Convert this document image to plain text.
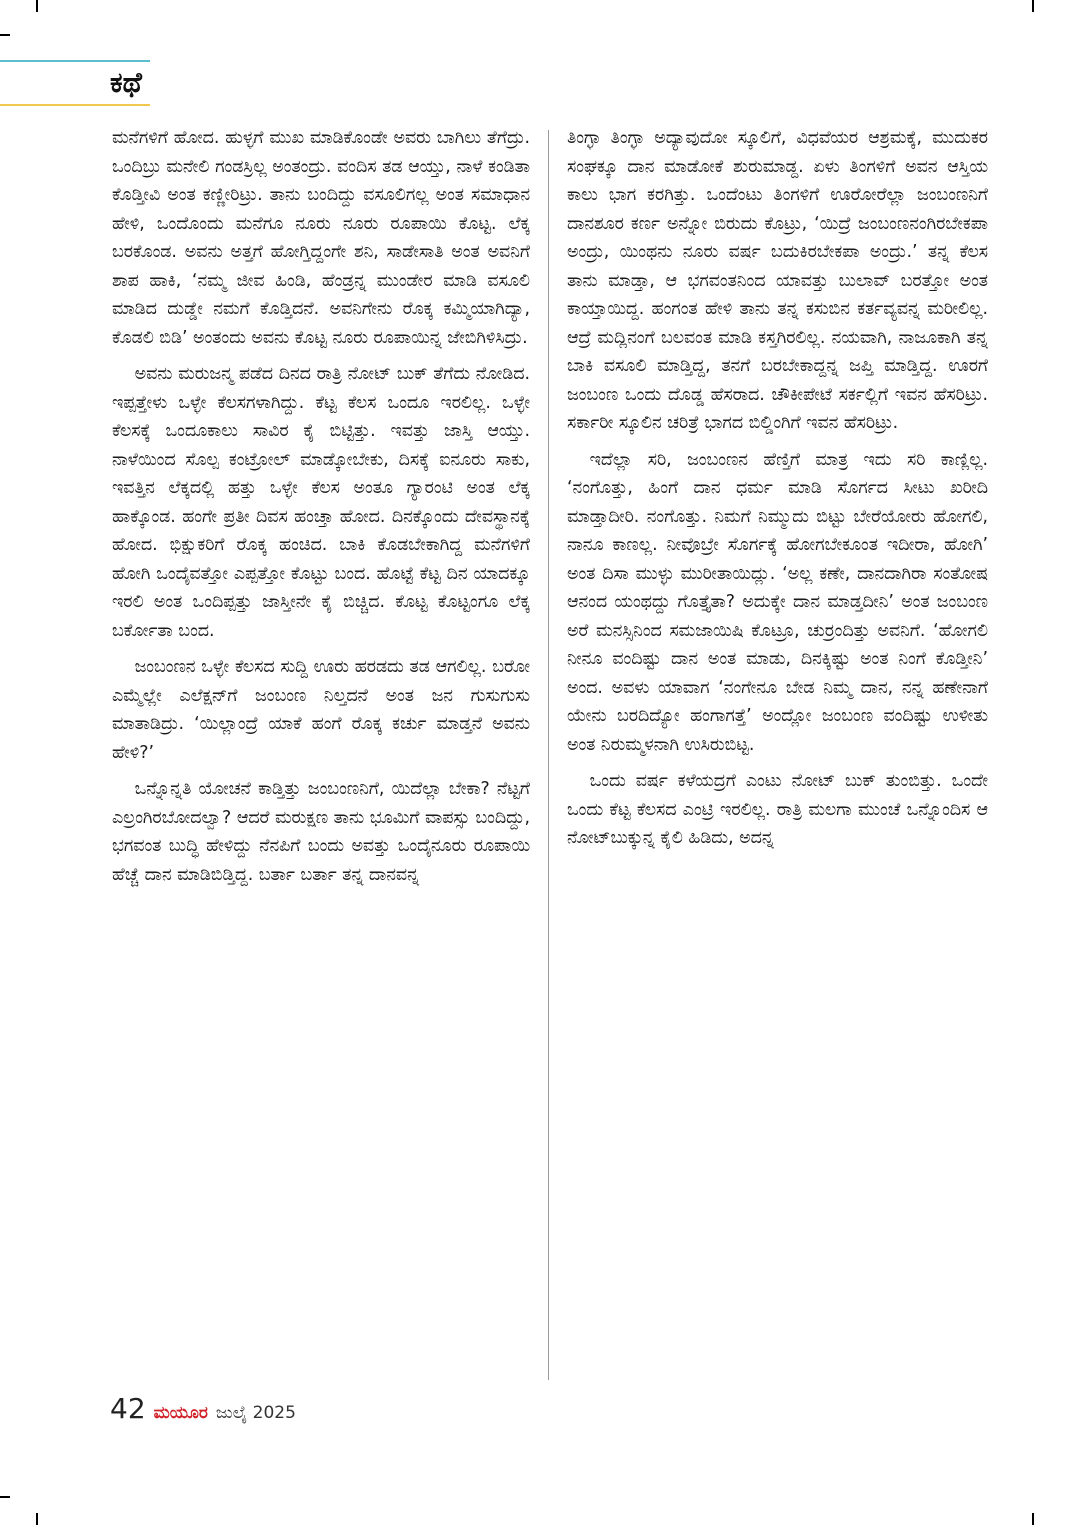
ಕಥೆ

ಮನೆಗಳಿಗೆ ಹೋದ. ಹುಳ್ಳಗೆ ಮುಖ ಮಾಡಿಕೊಂಡೇ ಅವರು ಬಾಗಿಲು ತೆಗೆದ್ರು. ಒಂದಿಬ್ರು ಮನೇಲಿ ಗಂಡಸ್ರಿಲ್ಲ ಅಂತಂದ್ರು. ವಂದಿಸ ತಡ ಆಯ್ತು, ನಾಳೆ ಕಂಡಿತಾ ಕೊಡ್ತೀವಿ ಅಂತ ಕಣ್ಣೀರಿಟ್ರು. ತಾನು ಬಂದಿದ್ದು ವಸೂಲಿಗಲ್ಲ ಅಂತ ಸಮಾಧಾನ ಹೇಳಿ, ಒಂದೊಂದು ಮನೆಗೂ ನೂರು ನೂರು ರೂಪಾಯಿ ಕೊಟ್ಟ. ಲೆಕ್ಕ ಬರಕೊಂಡ. ಅವನು ಅತ್ತಗೆ ಹೋಗ್ತಿದ್ದಂಗೇ ಶನಿ, ಸಾಡೇಸಾತಿ ಅಂತ ಅವನಿಗೆ ಶಾಪ ಹಾಕಿ, ‘ನಮ್ಮ ಜೀವ ಹಿಂಡಿ, ಹೆಂಡ್ರನ್ನ ಮುಂಡೇರ ಮಾಡಿ ವಸೂಲಿ ಮಾಡಿದ ದುಡ್ಡೇ ನಮಗೆ ಕೊಡ್ತಿದನೆ. ಅವನಿಗೇನು ರೊಕ್ಕ ಕಮ್ಮಿಯಾಗಿದ್ಯಾ, ಕೊಡಲಿ ಬಿಡಿ’ ಅಂತಂದು ಅವನು ಕೊಟ್ಟ ನೂರು ರೂಪಾಯಿನ್ನ ಜೇಬಿಗಿಳಿಸಿದ್ರು.

ಅವನು ಮರುಜನ್ಮ ಪಡೆದ ದಿನದ ರಾತ್ರಿ ನೋಟ್ ಬುಕ್ ತೆಗೆದು ನೋಡಿದ. ಇಪ್ಪತ್ತೇಳು ಒಳ್ಳೇ ಕೆಲಸಗಳಾಗಿದ್ದು. ಕೆಟ್ಟ ಕೆಲಸ ಒಂದೂ ಇರಲಿಲ್ಲ. ಒಳ್ಳೇ ಕೆಲಸಕ್ಕೆ ಒಂದೂಕಾಲು ಸಾವಿರ ಕೈ ಬಿಟ್ಟಿತ್ತು. ಇವತ್ತು ಜಾಸ್ತಿ ಆಯ್ತು. ನಾಳೆಯಿಂದ ಸೊಲ್ಪ ಕಂಟ್ರೋಲ್ ಮಾಡ್ಕೋಬೇಕು, ದಿಸಕ್ಕೆ ಐನೂರು ಸಾಕು, ಇವತ್ತಿನ ಲೆಕ್ಕದಲ್ಲಿ ಹತ್ತು ಒಳ್ಳೇ ಕೆಲಸ ಅಂತೂ ಗ್ಯಾರಂಟಿ ಅಂತ ಲೆಕ್ಕ ಹಾಕ್ಕೊಂಡ. ಹಂಗೇ ಪ್ರತೀ ದಿವಸ ಹಂಚ್ತಾ ಹೋದ. ದಿನಕ್ಕೊಂದು ದೇವಸ್ಥಾನಕ್ಕೆ ಹೋದ. ಭಿಕ್ಷುಕರಿಗೆ ರೊಕ್ಕ ಹಂಚಿದ. ಬಾಕಿ ಕೊಡಬೇಕಾಗಿದ್ದ ಮನೆಗಳಿಗೆ ಹೋಗಿ ಒಂದೈವತ್ತೋ ಎಪ್ಪತ್ತೋ ಕೊಟ್ಟು ಬಂದ. ಹೊಟ್ಟೆ ಕೆಟ್ಟ ದಿನ ಯಾದಕ್ಕೂ ಇರಲಿ ಅಂತ ಒಂದಿಪ್ಪತ್ತು ಜಾಸ್ತೀನೇ ಕೈ ಬಿಚ್ಚಿದ. ಕೊಟ್ಟ ಕೊಟ್ಟಂಗೂ ಲೆಕ್ಕ ಬರ್ಕೋತಾ ಬಂದ.

ಜಂಬಂಣನ ಒಳ್ಳೇ ಕೆಲಸದ ಸುದ್ದಿ ಊರು ಹರಡದು ತಡ ಆಗಲಿಲ್ಲ. ಬರೋ ಎಮ್ಮೆಲ್ಲೇ ಎಲೆಕ್ಷನ್‌ಗೆ ಜಂಬಂಣ ನಿಲ್ತದನೆ ಅಂತ ಜನ ಗುಸುಗುಸು ಮಾತಾಡಿದ್ರು. ‘ಯಿಲ್ಲಾಂದ್ರೆ ಯಾಕೆ ಹಂಗೆ ರೊಕ್ಕ ಕರ್ಚು ಮಾಡ್ತನೆ ಅವನು ಹೇಳಿ?’

ಒನ್ನೊನ್ನತಿ ಯೋಚನೆ ಕಾಡ್ತಿತ್ತು ಜಂಬಂಣನಿಗೆ, ಯಿದೆಲ್ಲಾ ಬೇಕಾ? ನೆಟ್ಟಗೆ ಎಲ್ರಂಗಿರಬೋದಲ್ವಾ? ಆದರೆ ಮರುಕ್ಷಣ ತಾನು ಭೂಮಿಗೆ ವಾಪಸ್ಸು ಬಂದಿದ್ದು, ಭಗವಂತ ಬುದ್ಧಿ ಹೇಳಿದ್ದು ನೆನಪಿಗೆ ಬಂದು ಅವತ್ತು ಒಂದೈನೂರು ರೂಪಾಯಿ ಹೆಚ್ಚೆ ದಾನ ಮಾಡಿಬಿಡ್ತಿದ್ದ. ಬರ್ತಾ ಬರ್ತಾ ತನ್ನ ದಾನವನ್ನ

ತಿಂಗ್ಳಾ ತಿಂಗ್ಳಾ ಅದ್ಯಾವುದೋ ಸ್ಕೂಲಿಗೆ, ವಿಧವೆಯರ ಆಶ್ರಮಕ್ಕೆ, ಮುದುಕರ ಸಂಘಕ್ಕೂ ದಾನ ಮಾಡೋಕೆ ಶುರುಮಾಡ್ದ. ಏಳು ತಿಂಗಳಿಗೆ ಅವನ ಆಸ್ತಿಯ ಕಾಲು ಭಾಗ ಕರಗಿತ್ತು. ಒಂದೆಂಟು ತಿಂಗಳಿಗೆ ಊರೋರೆಲ್ಲಾ ಜಂಬಂಣನಿಗೆ ದಾನಶೂರ ಕರ್ಣ ಅನ್ನೋ ಬಿರುದು ಕೊಟ್ರು, ‘ಯಿದ್ರೆ ಜಂಬಂಣನಂಗಿರಬೇಕಪಾ ಅಂದ್ರು, ಯಿಂಥನು ನೂರು ವರ್ಷ ಬದುಕಿರಬೇಕಪಾ ಅಂದ್ರು.’ ತನ್ನ ಕೆಲಸ ತಾನು ಮಾಡ್ತಾ, ಆ ಭಗವಂತನಿಂದ ಯಾವತ್ತು ಬುಲಾವ್ ಬರತ್ತೋ ಅಂತ ಕಾಯ್ತಾಯಿದ್ದ. ಹಂಗಂತ ಹೇಳಿ ತಾನು ತನ್ನ ಕಸುಬಿನ ಕರ್ತವ್ಯವನ್ನ ಮರೀಲಿಲ್ಲ. ಆದ್ರೆ ಮದ್ಲಿನಂಗೆ ಬಲವಂತ ಮಾಡಿ ಕಸ್ತಗಿರಲಿಲ್ಲ. ನಯವಾಗಿ, ನಾಜೂಕಾಗಿ ತನ್ನ ಬಾಕಿ ವಸೂಲಿ ಮಾಡ್ತಿದ್ದ, ತನಗೆ ಬರಬೇಕಾದ್ದನ್ನ ಜಪ್ತಿ ಮಾಡ್ತಿದ್ದ. ಊರಗೆ ಜಂಬಂಣ ಒಂದು ದೊಡ್ಡ ಹೆಸರಾದ. ಚೌಕೀಪೇಟೆ ಸರ್ಕಲ್ಲಿಗೆ ಇವನ ಹೆಸರಿಟ್ರು. ಸರ್ಕಾರೀ ಸ್ಕೂಲಿನ ಚರಿತ್ರೆ ಭಾಗದ ಬಿಲ್ಡಿಂಗಿಗೆ ಇವನ ಹೆಸರಿಟ್ರು.

ಇದೆಲ್ಲಾ ಸರಿ, ಜಂಬಂಣನ ಹೆಣ್ತಿಗೆ ಮಾತ್ರ ಇದು ಸರಿ ಕಾಣ್ಲಿಲ್ಲ. ‘ನಂಗೊತ್ತು, ಹಿಂಗೆ ದಾನ ಧರ್ಮ ಮಾಡಿ ಸೊರ್ಗದ ಸೀಟು ಖರೀದಿ ಮಾಡ್ತಾದೀರಿ. ನಂಗೊತ್ತು. ನಿಮಗೆ ನಿಮ್ಮುದು ಬಿಟ್ಟು ಬೇರೆಯೋರು ಹೋಗಲಿ, ನಾನೂ ಕಾಣಲ್ಲ. ನೀವೊಬ್ರೇ ಸೊರ್ಗಕ್ಕೆ ಹೋಗಬೇಕೂಂತ ಇದೀರಾ, ಹೋಗಿ’ ಅಂತ ದಿಸಾ ಮುಳ್ಳು ಮುರೀತಾಯಿದ್ಲು. ‘ಅಲ್ಲ ಕಣೇ, ದಾನದಾಗಿರಾ ಸಂತೋಷ ಆನಂದ ಯಂಥದ್ದು ಗೊತ್ತೈತಾ? ಅದುಕ್ಕೇ ದಾನ ಮಾಡ್ತದೀನಿ’ ಅಂತ ಜಂಬಂಣ ಅರೆ ಮನಸ್ಸಿನಿಂದ ಸಮಜಾಯಿಷಿ ಕೊಟ್ರೂ, ಚುರ್ರಂದಿತ್ತು ಅವನಿಗೆ. ‘ಹೋಗಲಿ ನೀನೂ ವಂದಿಷ್ಟು ದಾನ ಅಂತ ಮಾಡು, ದಿನಕ್ಕಿಷ್ಟು ಅಂತ ನಿಂಗೆ ಕೊಡ್ತೀನಿ’ ಅಂದ. ಅವಳು ಯಾವಾಗ ‘ನಂಗೇನೂ ಬೇಡ ನಿಮ್ಮ ದಾನ, ನನ್ನ ಹಣೇನಾಗೆ ಯೇನು ಬರದಿದ್ಯೋ ಹಂಗಾಗತ್ತೆ’ ಅಂದ್ಲೋ ಜಂಬಂಣ ವಂದಿಷ್ಟು ಉಳೀತು ಅಂತ ನಿರುಮ್ಮಳನಾಗಿ ಉಸಿರುಬಿಟ್ಟ.

ಒಂದು ವರ್ಷ ಕಳೆಯದ್ರಗೆ ಎಂಟು ನೋಟ್ ಬುಕ್ ತುಂಬಿತ್ತು. ಒಂದೇ ಒಂದು ಕೆಟ್ಟ ಕೆಲಸದ ಎಂಟ್ರಿ ಇರಲಿಲ್ಲ. ರಾತ್ರಿ ಮಲಗಾ ಮುಂಚೆ ಒನ್ನೊಂದಿಸ ಆ ನೋಟ್‌ಬುಕ್ಕುನ್ನ ಕೈಲಿ ಹಿಡಿದು, ಅದನ್ನ

42 ಮಯೂರ ಜುಲೈ 2025
